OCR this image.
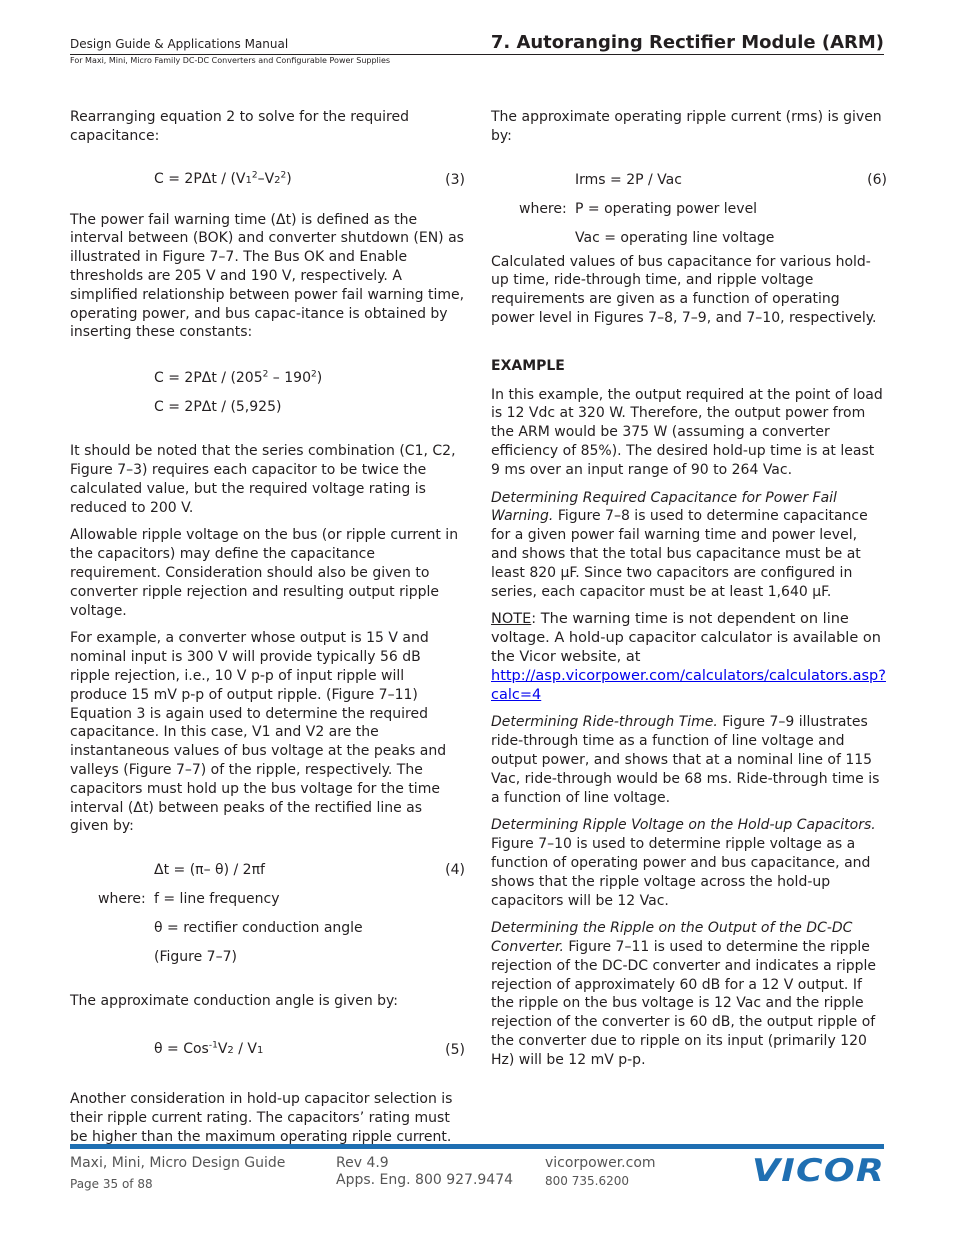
Design Guide & Applications Manual
For Maxi, Mini, Micro Family DC-DC Converters and Configurable Power Supplies
7. Autoranging Rectifier Module (ARM)

Rearranging equation 2 to solve for the required capacitance:

$C = 2P\Delta t / (V1^2-V2^2)$	(3)

The power fail warning time (Δt) is defined as the interval between (BOK) and converter shutdown (EN) as illustrated in Figure 7–7. The Bus OK and Enable thresholds are 205 V and 190 V, respectively. A simplified relationship between power fail warning time, operating power, and bus capac-itance is obtained by inserting these constants:

$C = 2P\Delta t / (205^2 - 190^2)$
C = 2PΔt / (5,925)

It should be noted that the series combination (C1, C2, Figure 7–3) requires each capacitor to be twice the calculated value, but the required voltage rating is reduced to 200 V.

Allowable ripple voltage on the bus (or ripple current in the capacitors) may define the capacitance requirement. Consideration should also be given to converter ripple rejection and resulting output ripple voltage.

For example, a converter whose output is 15 V and nominal input is 300 V will provide typically 56 dB ripple rejection, i.e., 10 V p-p of input ripple will produce 15 mV p-p of output ripple. (Figure 7–11) Equation 3 is again used to determine the required capacitance. In this case, V1 and V2 are the instantaneous values of bus voltage at the peaks and valleys (Figure 7–7) of the ripple, respectively. The capacitors must hold up the bus voltage for the time interval (Δt) between peaks of the rectified line as given by:

Δt = (π– θ) / 2πf	(4)
where: f = line frequency
θ = rectifier conduction angle
(Figure 7–7)

The approximate conduction angle is given by:

θ = Cos$^{-1}$V2 / V1	(5)

Another consideration in hold-up capacitor selection is their ripple current rating. The capacitors’ rating must be higher than the maximum operating ripple current.

The approximate operating ripple current (rms) is given by:

Irms = 2P / Vac	(6)
where: P = operating power level
Vac = operating line voltage

Calculated values of bus capacitance for various hold-up time, ride-through time, and ripple voltage requirements are given as a function of operating power level in Figures 7–8, 7–9, and 7–10, respectively.

EXAMPLE

In this example, the output required at the point of load is 12 Vdc at 320 W. Therefore, the output power from the ARM would be 375 W (assuming a converter efficiency of 85%). The desired hold-up time is at least 9 ms over an input range of 90 to 264 Vac.

Determining Required Capacitance for Power Fail Warning. Figure 7–8 is used to determine capacitance for a given power fail warning time and power level, and shows that the total bus capacitance must be at least 820 µF. Since two capacitors are configured in series, each capacitor must be at least 1,640 µF.

NOTE: The warning time is not dependent on line voltage. A hold-up capacitor calculator is available on the Vicor website, at
http://asp.vicorpower.com/calculators/calculators.asp?calc=4

Determining Ride-through Time. Figure 7–9 illustrates ride-through time as a function of line voltage and output power, and shows that at a nominal line of 115 Vac, ride-through would be 68 ms. Ride-through time is a function of line voltage.

Determining Ripple Voltage on the Hold-up Capacitors. Figure 7–10 is used to determine ripple voltage as a function of operating power and bus capacitance, and shows that the ripple voltage across the hold-up capacitors will be 12 Vac.

Determining the Ripple on the Output of the DC-DC Converter. Figure 7–11 is used to determine the ripple rejection of the DC-DC converter and indicates a ripple rejection of approximately 60 dB for a 12 V output. If the ripple on the bus voltage is 12 Vac and the ripple rejection of the converter is 60 dB, the output ripple of the converter due to ripple on its input (primarily 120 Hz) will be 12 mV p-p.

Maxi, Mini, Micro Design Guide
Page 35 of 88
Rev 4.9
Apps. Eng. 800 927.9474
vicorpower.com
800 735.6200	VICOR
